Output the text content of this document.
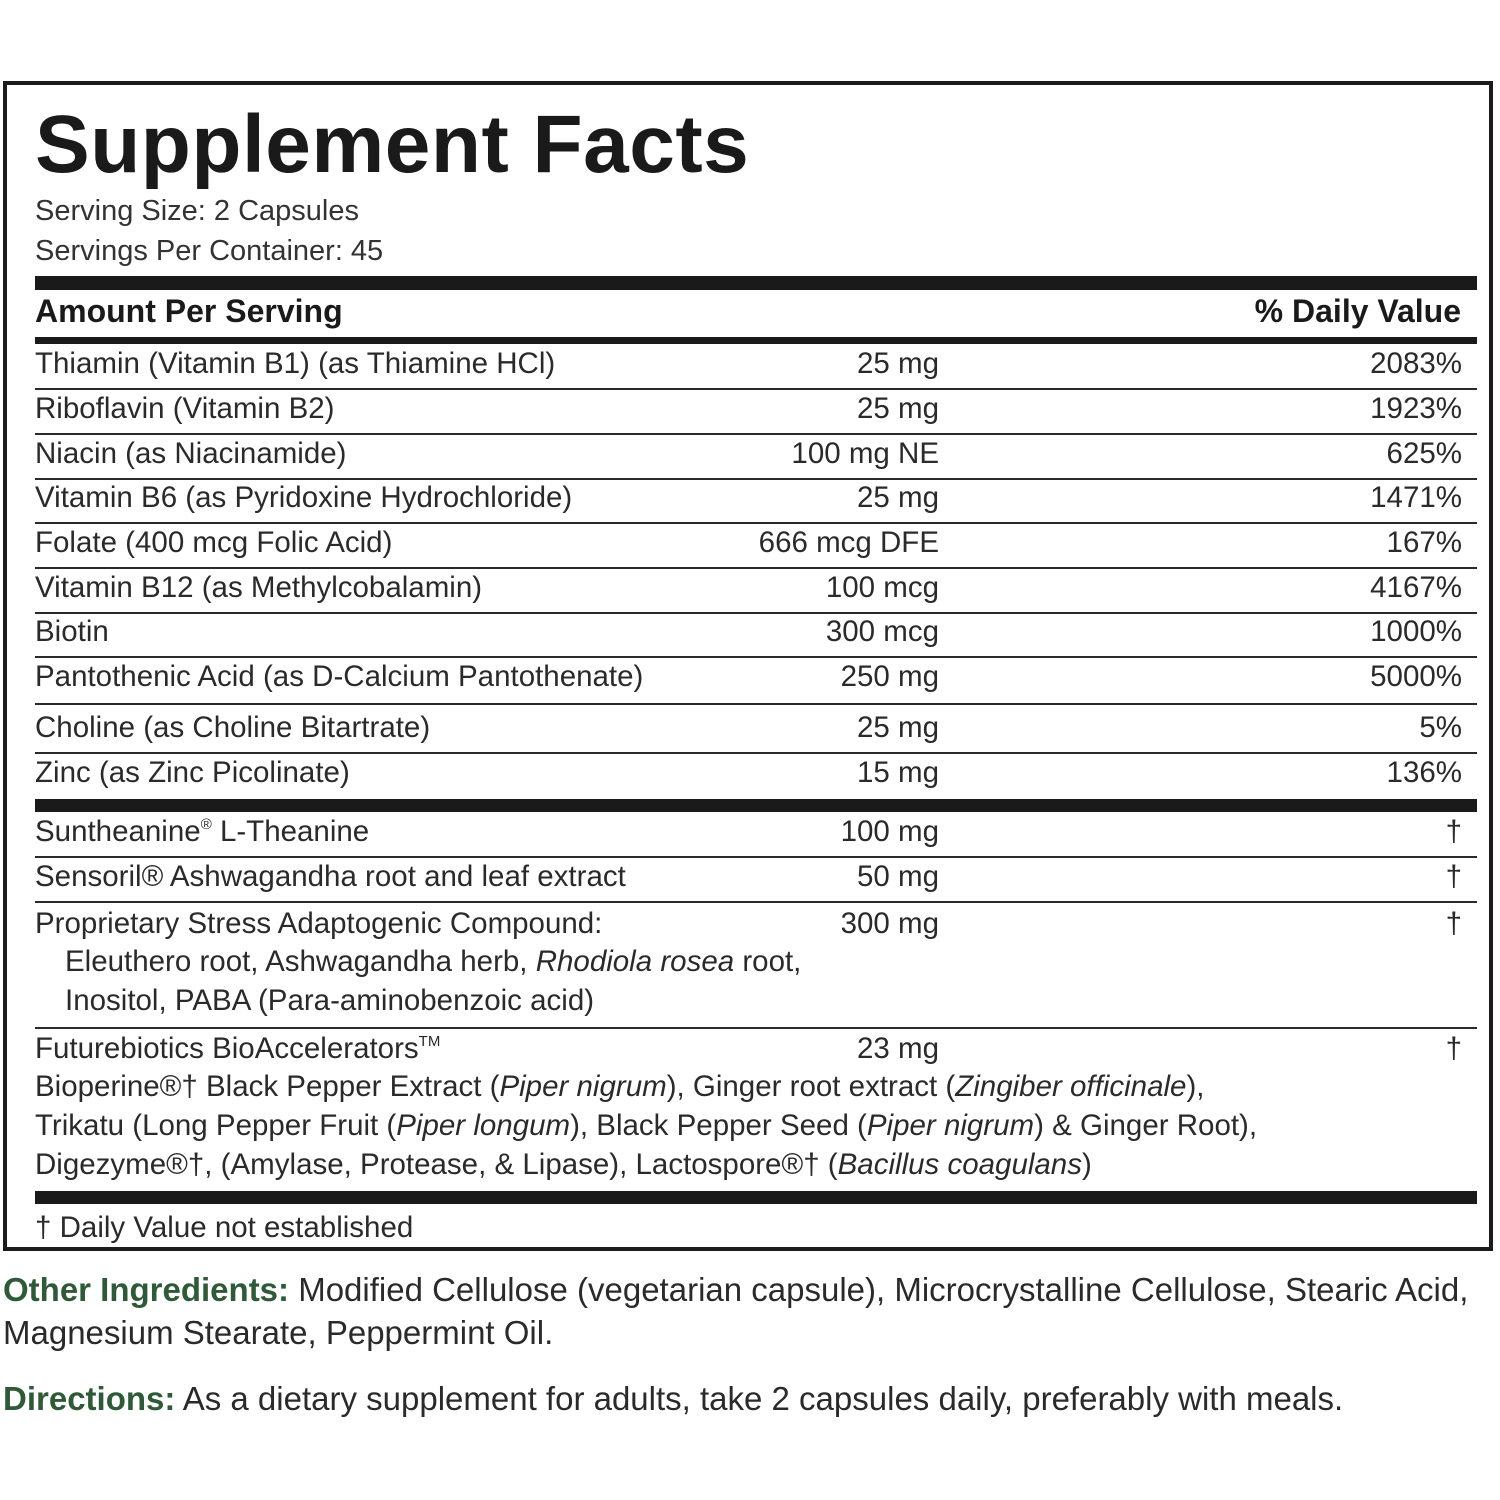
Supplement Facts
Serving Size: 2 Capsules
Servings Per Container: 45
Amount Per Serving	% Daily Value
Thiamin (Vitamin B1) (as Thiamine HCl)	25 mg	2083%
Riboflavin (Vitamin B2)	25 mg	1923%
Niacin (as Niacinamide)	100 mg NE	625%
Vitamin B6 (as Pyridoxine Hydrochloride)	25 mg	1471%
Folate (400 mcg Folic Acid)	666 mcg DFE	167%
Vitamin B12 (as Methylcobalamin)	100 mcg	4167%
Biotin	300 mcg	1000%
Pantothenic Acid (as D-Calcium Pantothenate)	250 mg	5000%
Choline (as Choline Bitartrate)	25 mg	5%
Zinc (as Zinc Picolinate)	15 mg	136%
Suntheanine® L-Theanine	100 mg	†
Sensoril® Ashwagandha root and leaf extract	50 mg	†
Proprietary Stress Adaptogenic Compound:	300 mg	†
Eleuthero root, Ashwagandha herb, Rhodiola rosea root,
Inositol, PABA (Para-aminobenzoic acid)
Futurebiotics BioAccelerators™	23 mg	†
Bioperine®† Black Pepper Extract (Piper nigrum), Ginger root extract (Zingiber officinale),
Trikatu (Long Pepper Fruit (Piper longum), Black Pepper Seed (Piper nigrum) & Ginger Root),
Digezyme®†, (Amylase, Protease, & Lipase), Lactospore®† (Bacillus coagulans)
† Daily Value not established
Other Ingredients: Modified Cellulose (vegetarian capsule), Microcrystalline Cellulose, Stearic Acid, Magnesium Stearate, Peppermint Oil.
Directions: As a dietary supplement for adults, take 2 capsules daily, preferably with meals.
